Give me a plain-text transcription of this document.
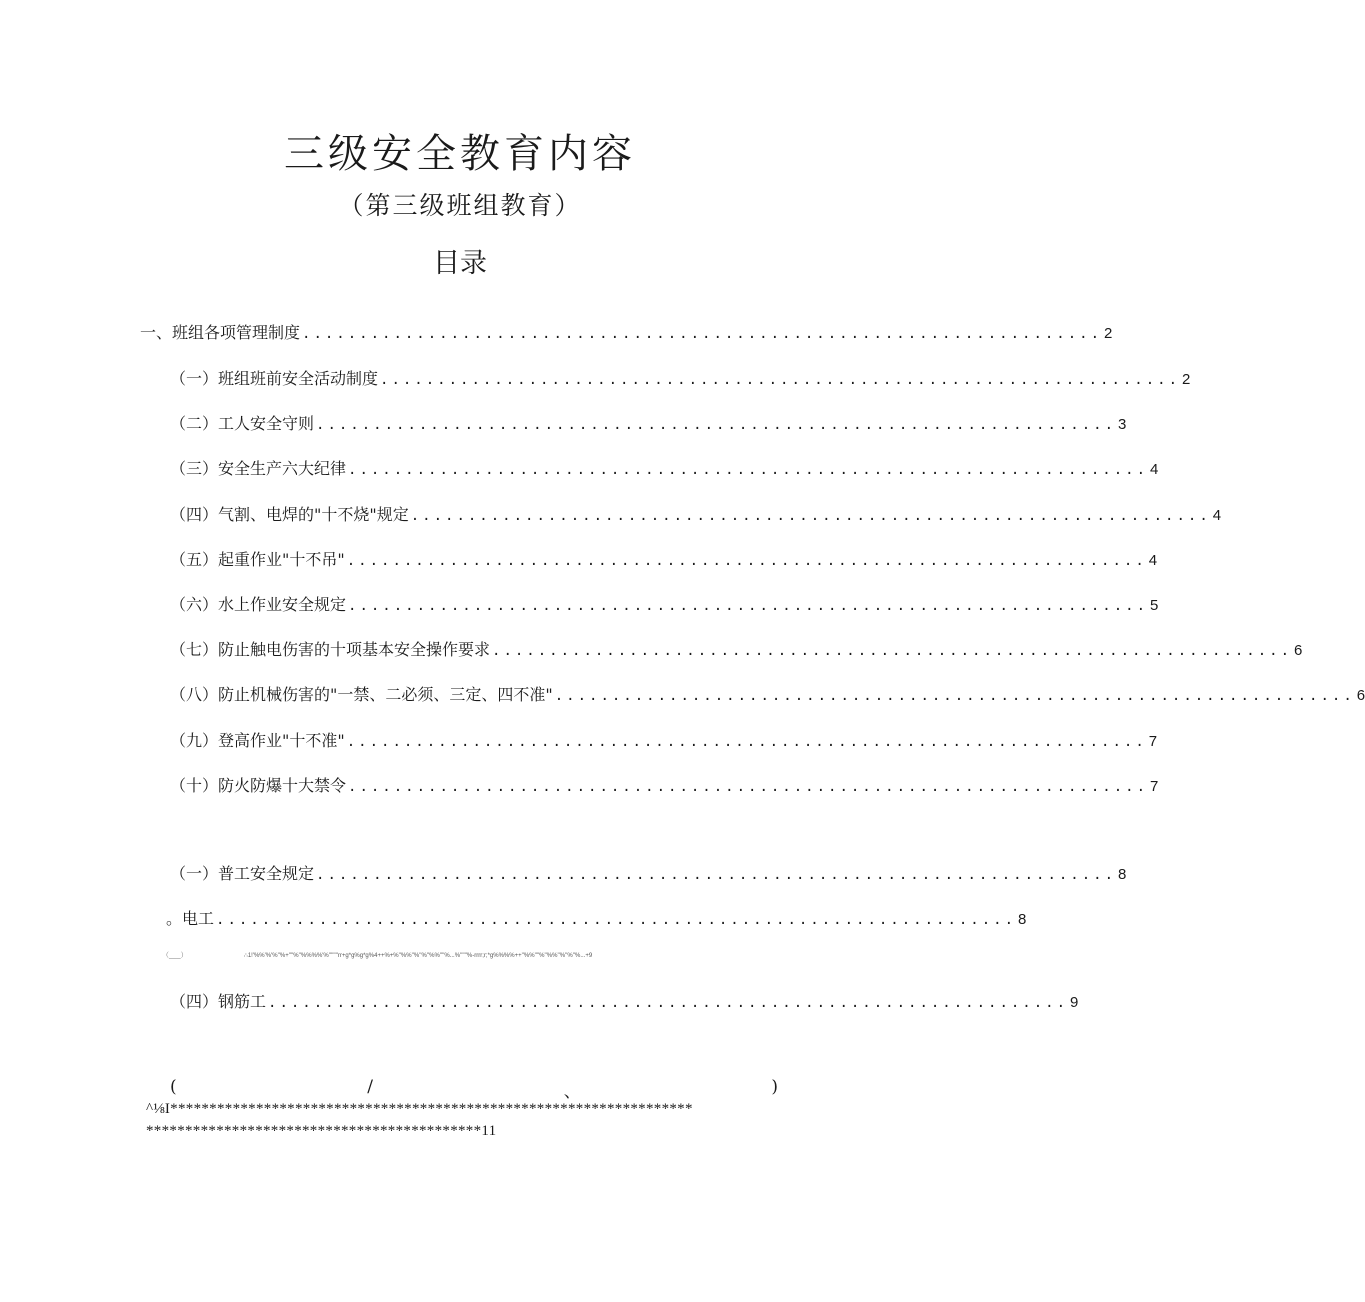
三级安全教育内容
（第三级班组教育）
目录
一、班组各项管理制度 ...................................................................... 2
（一）班组班前安全活动制度 ...................................................................... 2
（二）工人安全守则 ...................................................................... 3
（三）安全生产六大纪律 ...................................................................... 4
（四）气割、电焊的"十不烧"规定 ...................................................................... 4
（五）起重作业"十不吊" ...................................................................... 4
（六）水上作业安全规定 ...................................................................... 5
（七）防止触电伤害的十项基本安全操作要求 ...................................................................... 6
（八）防止机械伤害的"一禁、二必须、三定、四不准" ...................................................................... 6
（九）登高作业"十不准" ...................................................................... 7
（十）防火防爆十大禁令 ...................................................................... 7
（一）普工安全规定 ...................................................................... 8
。电工 ...................................................................... 8
（___）	∴1!'%%'%'%''%+''''%''%%%%'%''''''''rr+g*g%g*g%4++%+%''%%''%''%''%%''''%...%''''''%-rrrr;r;*g%%%%++''%%''''%''%%''%''%''%...+9
（四）钢筋工 ...................................................................... 9
(	/	、	)
^⅛I*******************************************************************
*******************************************11
